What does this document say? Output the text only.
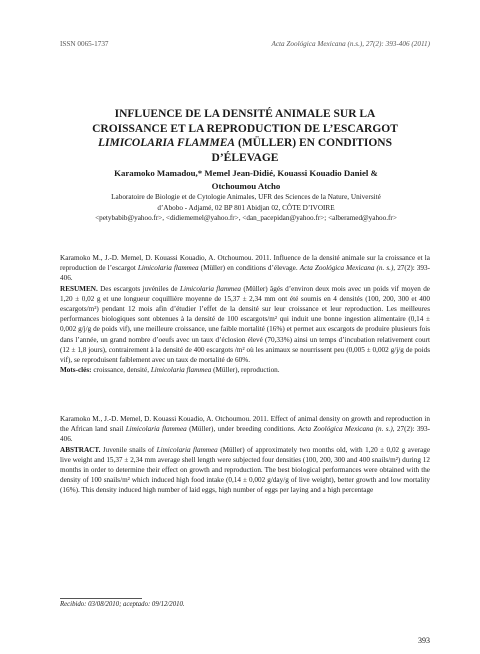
ISSN 0065-1737	Acta Zoológica Mexicana (n.s.), 27(2): 393-406 (2011)
INFLUENCE DE LA DENSITÉ ANIMALE SUR LA
CROISSANCE ET LA REPRODUCTION DE L’ESCARGOT
LIMICOLARIA FLAMMEA (MÜLLER) EN CONDITIONS
D’ÉLEVAGE
Karamoko Mamadou,* Memel Jean-Didié, Kouassi Kouadio Daniel &
Otchoumou Atcho
Laboratoire de Biologie et de Cytologie Animales, UFR des Sciences de la Nature, Université
d’Abobo - Adjamé, 02 BP 801 Abidjan 02, CÔTE D’IVOIRE
<petybabib@yahoo.fr>, <didiememel@yahoo.fr>, <dan_pacepidan@yahoo.fr>; <alberamed@yahoo.fr>

Karamoko M., J.-D. Memel, D. Kouassi Kouadio, A. Otchoumou. 2011. Influence de la densité animale sur la croissance et la reproduction de l’escargot Limicolaria flammea (Müller) en conditions d’élevage. Acta Zoológica Mexicana (n. s.), 27(2): 393-406.

RESUMEN. Des escargots juvéniles de Limicolaria flammea (Müller) âgés d’environ deux mois avec un poids vif moyen de 1,20 ± 0,02 g et une longueur coquillière moyenne de 15,37 ± 2,34 mm ont été soumis en 4 densités (100, 200, 300 et 400 escargots/m²) pendant 12 mois afin d’étudier l’effet de la densité sur leur croissance et leur reproduction. Les meilleures performances biologiques sont obtenues à la densité de 100 escargots/m² qui induit une bonne ingestion alimentaire (0,14 ± 0,002 g/j/g de poids vif), une meilleure croissance, une faible mortalité (16%) et permet aux escargots de produire plusieurs fois dans l’année, un grand nombre d’oeufs avec un taux d’éclosion élevé (70,33%) ainsi un temps d’incubation relativement court (12 ± 1,8 jours), contrairement à la densité de 400 escargots /m² où les animaux se nourrissent peu (0,005 ± 0,002 g/j/g de poids vif), se reproduisent faiblement avec un taux de mortalité de 60%.

Mots-clés: croissance, densité, Limicolaria flammea (Müller), reproduction.

Karamoko M., J.-D. Memel, D. Kouassi Kouadio, A. Otchoumou. 2011. Effect of animal density on growth and reproduction in the African land snail Limicolaria flammea (Müller), under breeding conditions. Acta Zoológica Mexicana (n. s.), 27(2): 393-406.

ABSTRACT. Juvenile snails of Limicolaria flammea (Müller) of approximately two months old, with 1,20 ± 0,02 g average live weight and 15,37 ± 2,34 mm average shell length were subjected four densities (100, 200, 300 and 400 snails/m²) during 12 months in order to determine their effect on growth and reproduction. The best biological performances were obtained with the density of 100 snails/m² which induced high food intake (0,14 ± 0,002 g/day/g of live weight), better growth and low mortality (16%). This density induced high number of laid eggs, high number of eggs per laying and a high percentage

Recibido: 03/08/2010; aceptado: 09/12/2010.
393
